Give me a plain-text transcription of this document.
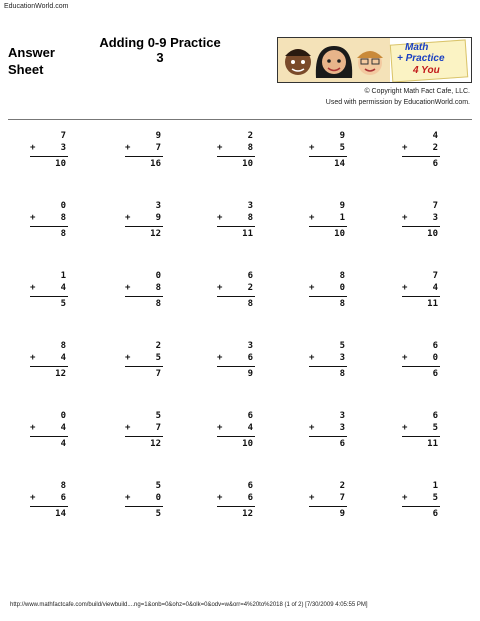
EducationWorld.com
Answer
Sheet
Adding 0-9 Practice
3
Math
+ Practice
4 You
© Copyright Math Fact Cafe, LLC.
Used with permission by EducationWorld.com.
7
+	3
10
9
+	7
16
2
+	8
10
9
+	5
14
4
+	2
6
0
+	8
8
3
+	9
12
3
+	8
11
9
+	1
10
7
+	3
10
1
+	4
5
0
+	8
8
6
+	2
8
8
+	0
8
7
+	4
11
8
+	4
12
2
+	5
7
3
+	6
9
5
+	3
8
6
+	0
6
0
+	4
4
5
+	7
12
6
+	4
10
3
+	3
6
6
+	5
11
8
+	6
14
5
+	0
5
6
+	6
12
2
+	7
9
1
+	5
6
http://www.mathfactcafe.com/build/viewbuild....ng=1&onb=0&ohz=0&olk=0&odv=w&orr=4%20to%2018 (1 of 2) [7/30/2009 4:05:55 PM]
